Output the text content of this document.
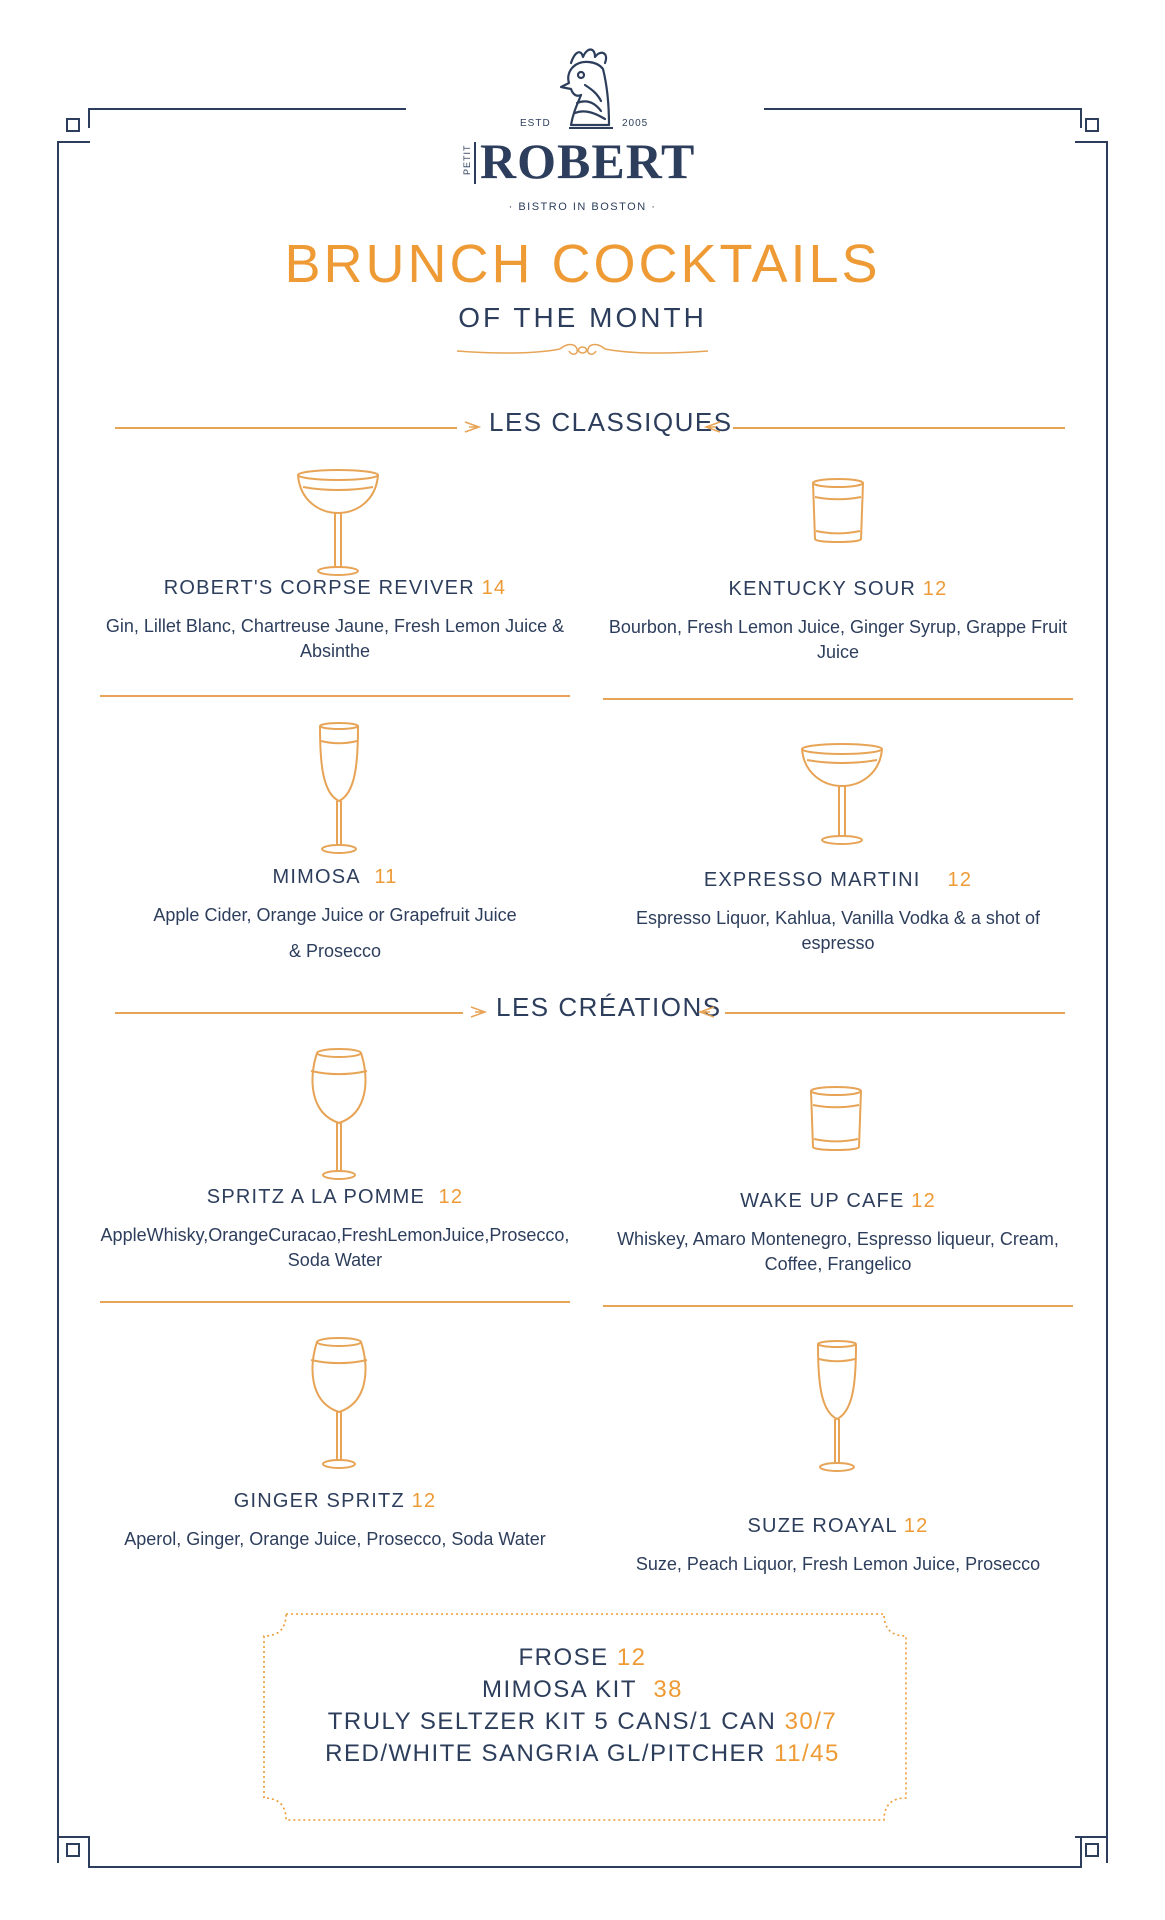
ESTD	2005
PETIT ROBERT
· BISTRO IN BOSTON ·
BRUNCH COCKTAILS
OF THE MONTH
LES CLASSIQUES
ROBERT'S CORPSE REVIVER 14
Gin, Lillet Blanc, Chartreuse Jaune, Fresh Lemon Juice & Absinthe
KENTUCKY SOUR 12
Bourbon, Fresh Lemon Juice, Ginger Syrup, Grappe Fruit Juice
MIMOSA 11
Apple Cider, Orange Juice or Grapefruit Juice
& Prosecco
EXPRESSO MARTINI 12
Espresso Liquor, Kahlua, Vanilla Vodka & a shot of espresso
LES CRÉATIONS
SPRITZ A LA POMME 12
AppleWhisky,OrangeCuracao,FreshLemonJuice,Prosecco, Soda Water
WAKE UP CAFE 12
Whiskey, Amaro Montenegro, Espresso liqueur, Cream, Coffee, Frangelico
GINGER SPRITZ 12
Aperol, Ginger, Orange Juice, Prosecco, Soda Water
SUZE ROAYAL 12
Suze, Peach Liquor, Fresh Lemon Juice, Prosecco
FROSE 12
MIMOSA KIT 38
TRULY SELTZER KIT 5 CANS/1 CAN 30/7
RED/WHITE SANGRIA GL/PITCHER 11/45
